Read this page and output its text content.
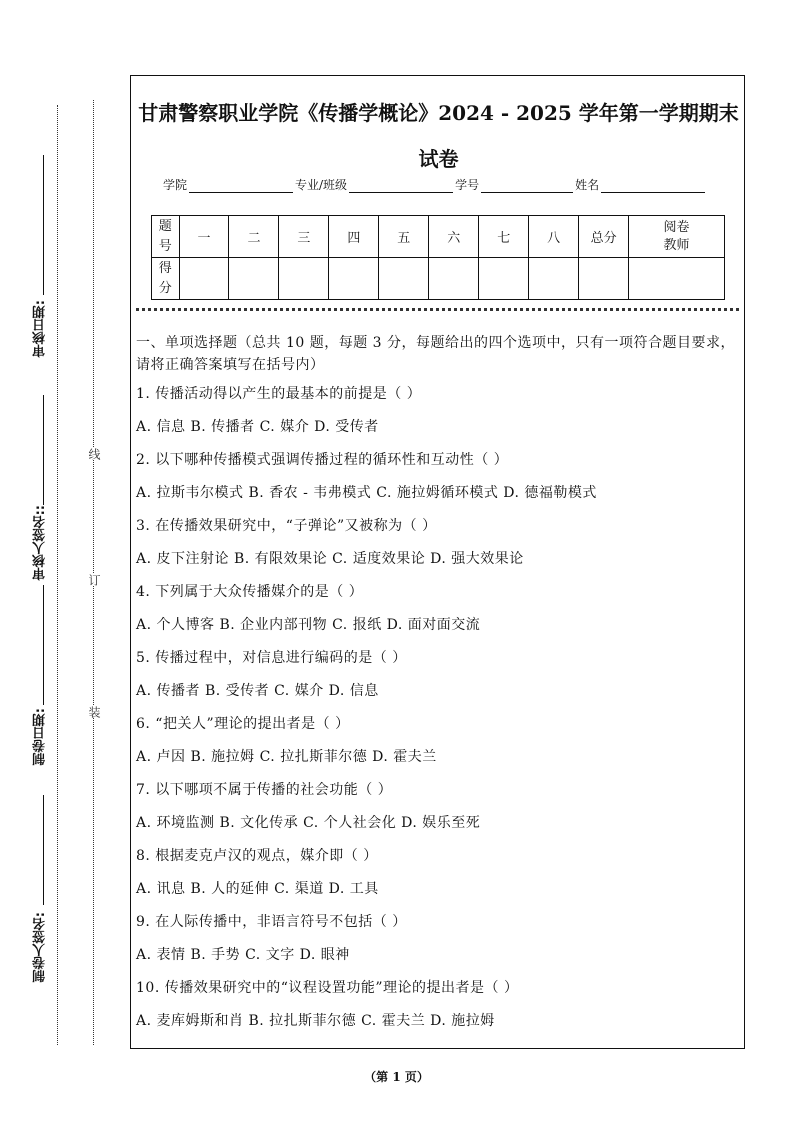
审核日期:
审核人签名::
制卷日期:
制卷人签名:
线
订
装
甘肃警察职业学院《传播学概论》2024 - 2025 学年第一学期期末
试卷
学院	专业/班级	学号	姓名
题
号	一	二	三	四	五	六	七	八	总分	阅卷
教师
得
分										
一、单项选择题（总共 10 题，每题 3 分，每题给出的四个选项中，只有一项符合题目要求，请将正确答案填写在括号内）
1. 传播活动得以产生的最基本的前提是（ ）
A. 信息 B. 传播者 C. 媒介 D. 受传者
2. 以下哪种传播模式强调传播过程的循环性和互动性（ ）
A. 拉斯韦尔模式 B. 香农 - 韦弗模式 C. 施拉姆循环模式 D. 德福勒模式
3. 在传播效果研究中，“子弹论”又被称为（ ）
A. 皮下注射论 B. 有限效果论 C. 适度效果论 D. 强大效果论
4. 下列属于大众传播媒介的是（ ）
A. 个人博客 B. 企业内部刊物 C. 报纸 D. 面对面交流
5. 传播过程中，对信息进行编码的是（ ）
A. 传播者 B. 受传者 C. 媒介 D. 信息
6. “把关人”理论的提出者是（ ）
A. 卢因 B. 施拉姆 C. 拉扎斯菲尔德 D. 霍夫兰
7. 以下哪项不属于传播的社会功能（ ）
A. 环境监测 B. 文化传承 C. 个人社会化 D. 娱乐至死
8. 根据麦克卢汉的观点，媒介即（ ）
A. 讯息 B. 人的延伸 C. 渠道 D. 工具
9. 在人际传播中，非语言符号不包括（ ）
A. 表情 B. 手势 C. 文字 D. 眼神
10. 传播效果研究中的“议程设置功能”理论的提出者是（ ）
A. 麦库姆斯和肖 B. 拉扎斯菲尔德 C. 霍夫兰 D. 施拉姆
（第 1 页）
